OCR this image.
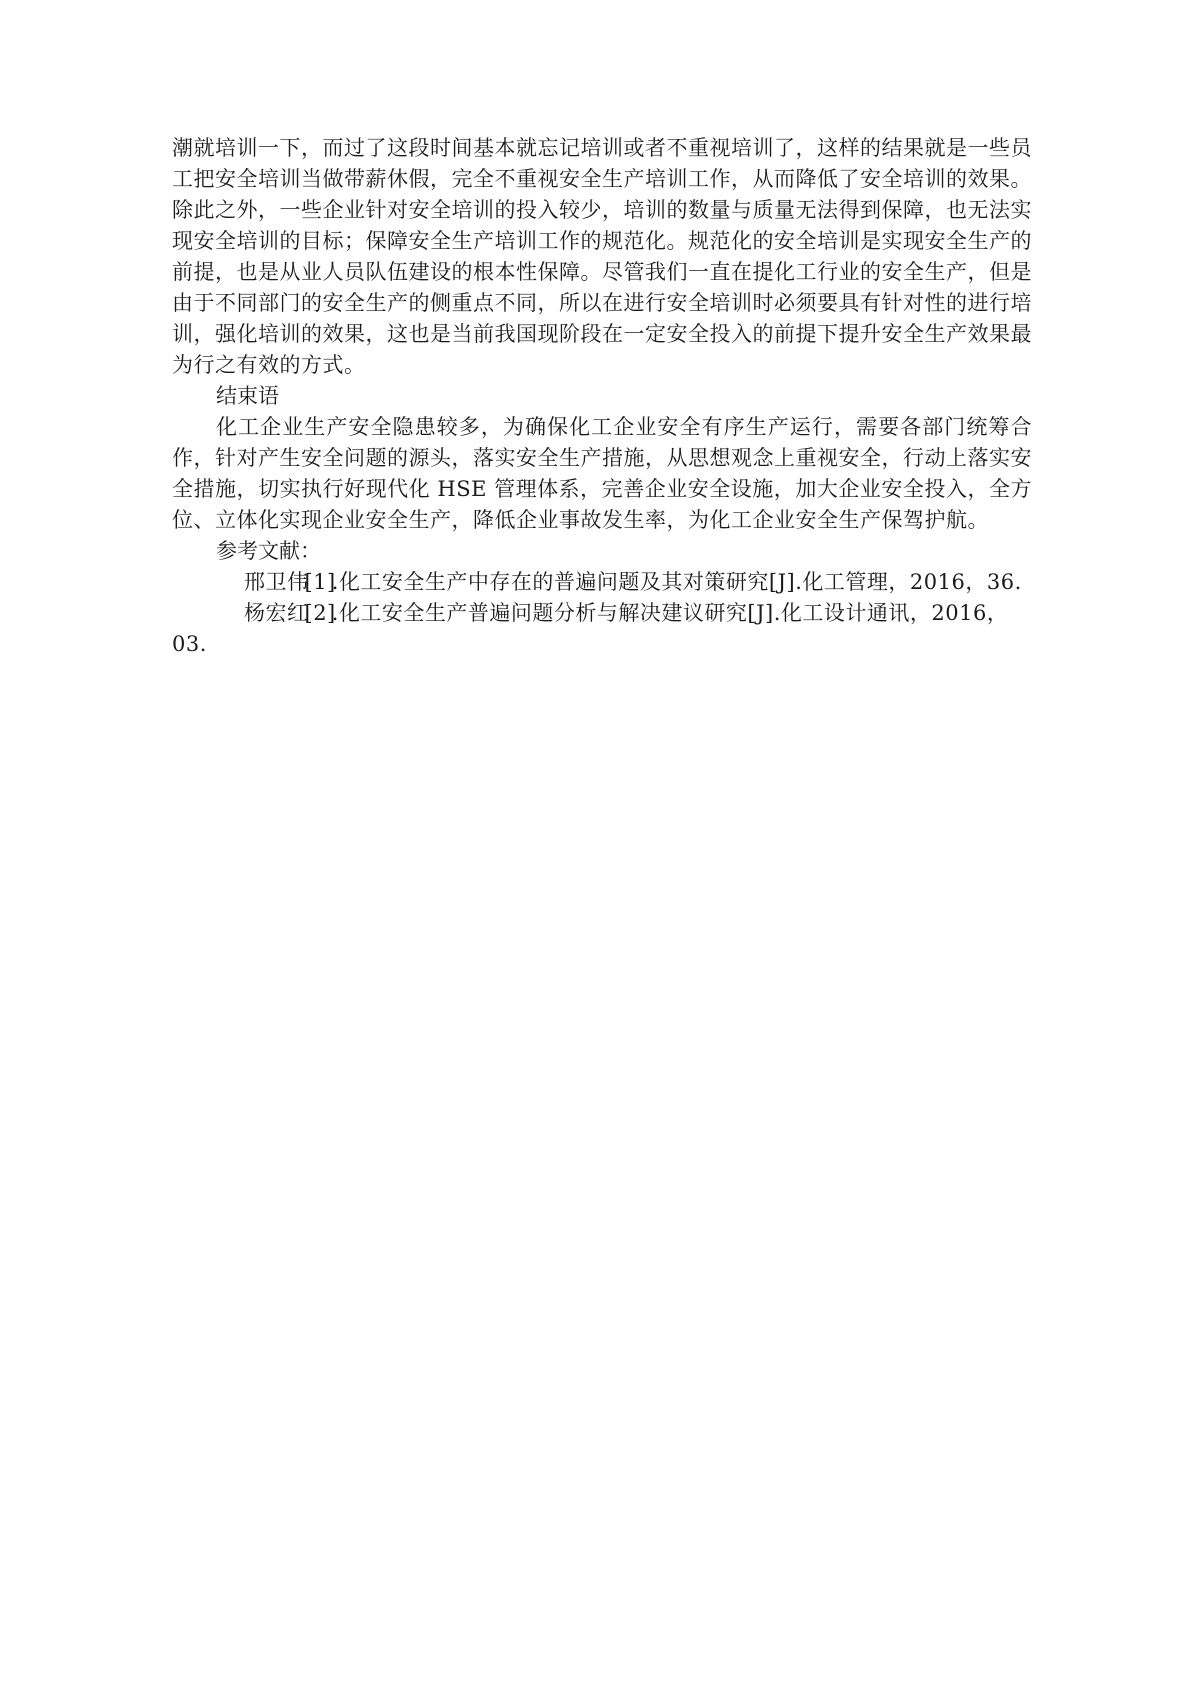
潮就培训一下，而过了这段时间基本就忘记培训或者不重视培训了，这样的结果就是一些员工把安全培训当做带薪休假，完全不重视安全生产培训工作，从而降低了安全培训的效果。除此之外，一些企业针对安全培训的投入较少，培训的数量与质量无法得到保障，也无法实现安全培训的目标；保障安全生产培训工作的规范化。规范化的安全培训是实现安全生产的前提，也是从业人员队伍建设的根本性保障。尽管我们一直在提化工行业的安全生产，但是由于不同部门的安全生产的侧重点不同，所以在进行安全培训时必须要具有针对性的进行培训，强化培训的效果，这也是当前我国现阶段在一定安全投入的前提下提升安全生产效果最为行之有效的方式。

结束语

化工企业生产安全隐患较多，为确保化工企业安全有序生产运行，需要各部门统筹合作，针对产生安全问题的源头，落实安全生产措施，从思想观念上重视安全，行动上落实安全措施，切实执行好现代化 HSE 管理体系，完善企业安全设施，加大企业安全投入，全方位、立体化实现企业安全生产，降低企业事故发生率，为化工企业安全生产保驾护航。

参考文献：

邢卫伟[1].化工安全生产中存在的普遍问题及其对策研究[J].化工管理，2016，36.

杨宏红[2].化工安全生产普遍问题分析与解决建议研究[J].化工设计通讯，2016，03.
